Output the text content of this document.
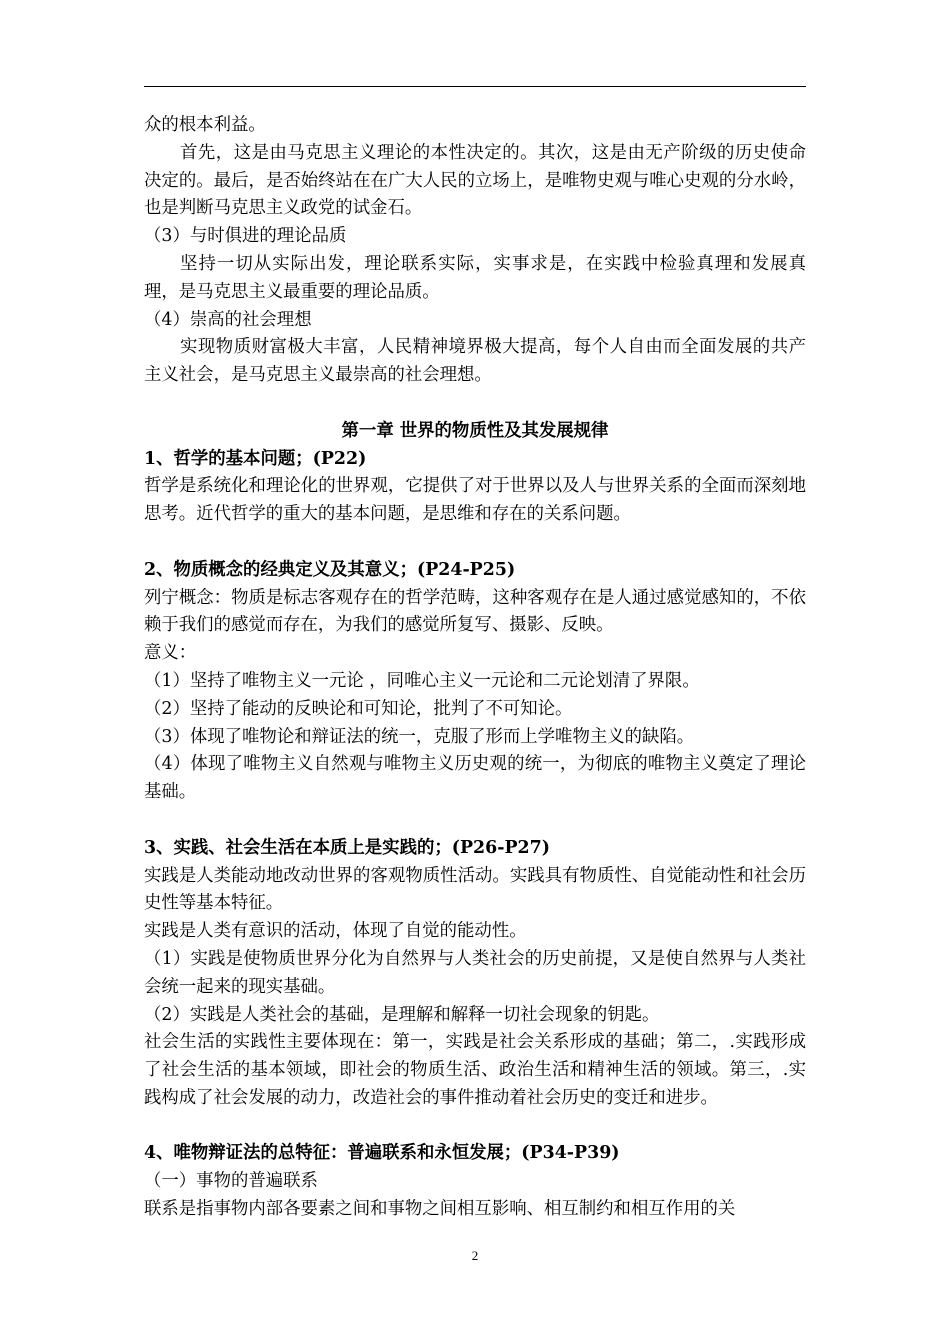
众的根本利益。

首先，这是由马克思主义理论的本性决定的。其次，这是由无产阶级的历史使命决定的。最后，是否始终站在在广大人民的立场上，是唯物史观与唯心史观的分水岭，也是判断马克思主义政党的试金石。

（3）与时俱进的理论品质

坚持一切从实际出发，理论联系实际，实事求是，在实践中检验真理和发展真理，是马克思主义最重要的理论品质。

（4）崇高的社会理想

实现物质财富极大丰富，人民精神境界极大提高，每个人自由而全面发展的共产主义社会，是马克思主义最崇高的社会理想。

第一章 世界的物质性及其发展规律

1、哲学的基本问题；(P22)

哲学是系统化和理论化的世界观，它提供了对于世界以及人与世界关系的全面而深刻地思考。近代哲学的重大的基本问题，是思维和存在的关系问题。

2、物质概念的经典定义及其意义；(P24-P25)

列宁概念：物质是标志客观存在的哲学范畴，这种客观存在是人通过感觉感知的，不依赖于我们的感觉而存在，为我们的感觉所复写、摄影、反映。

意义：

（1）坚持了唯物主义一元论 ，同唯心主义一元论和二元论划清了界限。

（2）坚持了能动的反映论和可知论，批判了不可知论。

（3）体现了唯物论和辩证法的统一，克服了形而上学唯物主义的缺陷。

（4）体现了唯物主义自然观与唯物主义历史观的统一，为彻底的唯物主义奠定了理论基础。

3、实践、社会生活在本质上是实践的；(P26-P27)

实践是人类能动地改动世界的客观物质性活动。实践具有物质性、自觉能动性和社会历史性等基本特征。

实践是人类有意识的活动，体现了自觉的能动性。

（1）实践是使物质世界分化为自然界与人类社会的历史前提，又是使自然界与人类社会统一起来的现实基础。

（2）实践是人类社会的基础，是理解和解释一切社会现象的钥匙。

社会生活的实践性主要体现在：第一，实践是社会关系形成的基础；第二，.实践形成了社会生活的基本领域，即社会的物质生活、政治生活和精神生活的领域。第三，.实践构成了社会发展的动力，改造社会的事件推动着社会历史的变迁和进步。

4、唯物辩证法的总特征：普遍联系和永恒发展；(P34-P39)

（一）事物的普遍联系

联系是指事物内部各要素之间和事物之间相互影响、相互制约和相互作用的关

2
